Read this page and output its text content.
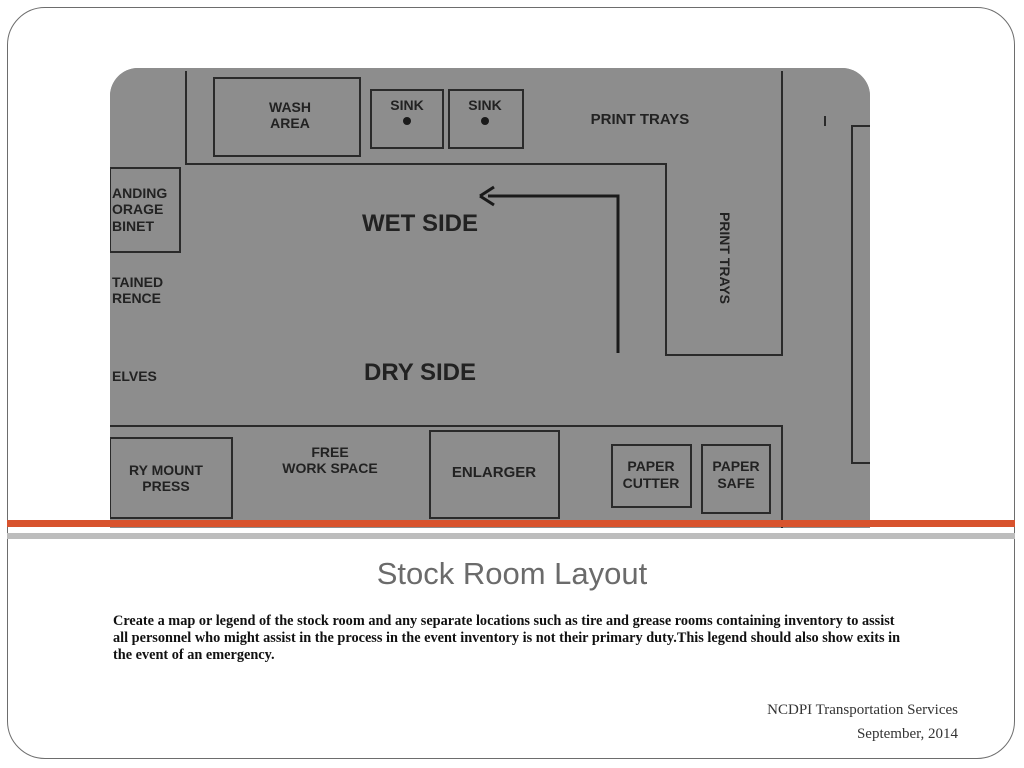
WASH
AREA
SINK	SINK
PRINT TRAYS
PRINT TRAYS
WET SIDE
DRY SIDE
ANDING
ORAGE
BINET
TAINED
RENCE
ELVES
RY MOUNT
PRESS
FREE
WORK SPACE	ENLARGER	PAPER
CUTTER
PAPER
SAFE
Stock Room Layout
Create a map or legend of the stock room and any separate locations such as tire and grease rooms containing inventory to assist all personnel who might assist in the process in the event inventory is not their primary duty.This legend should also show exits in the event of an emergency.
NCDPI Transportation Services
September, 2014
